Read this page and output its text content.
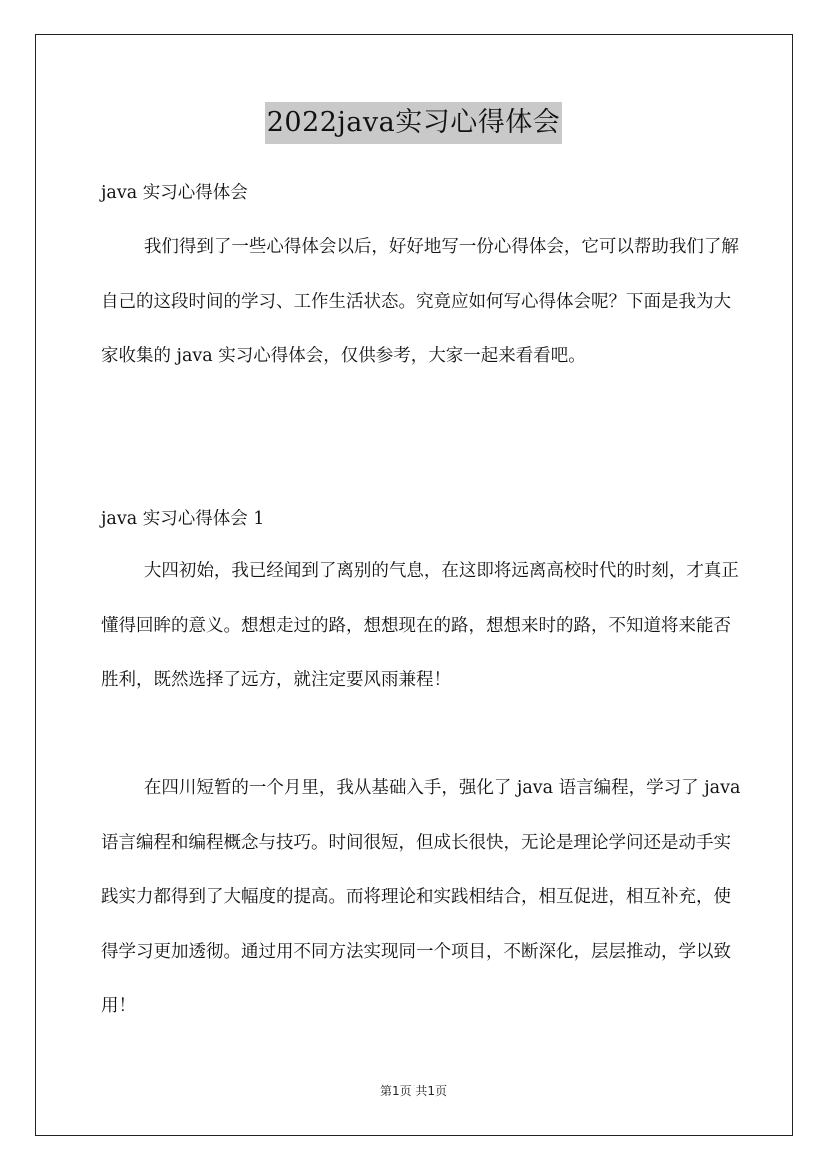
2022java实习心得体会
java 实习心得体会
我们得到了一些心得体会以后，好好地写一份心得体会，它可以帮助我们了解自己的这段时间的学习、工作生活状态。究竟应如何写心得体会呢？下面是我为大家收集的 java 实习心得体会，仅供参考，大家一起来看看吧。
java 实习心得体会 1
大四初始，我已经闻到了离别的气息，在这即将远离高校时代的时刻，才真正懂得回眸的意义。想想走过的路，想想现在的路，想想来时的路，不知道将来能否胜利，既然选择了远方，就注定要风雨兼程！
在四川短暂的一个月里，我从基础入手，强化了 java 语言编程，学习了 java 语言编程和编程概念与技巧。时间很短，但成长很快，无论是理论学问还是动手实践实力都得到了大幅度的提高。而将理论和实践相结合，相互促进，相互补充，使得学习更加透彻。通过用不同方法实现同一个项目，不断深化，层层推动，学以致用！
第1页 共1页
